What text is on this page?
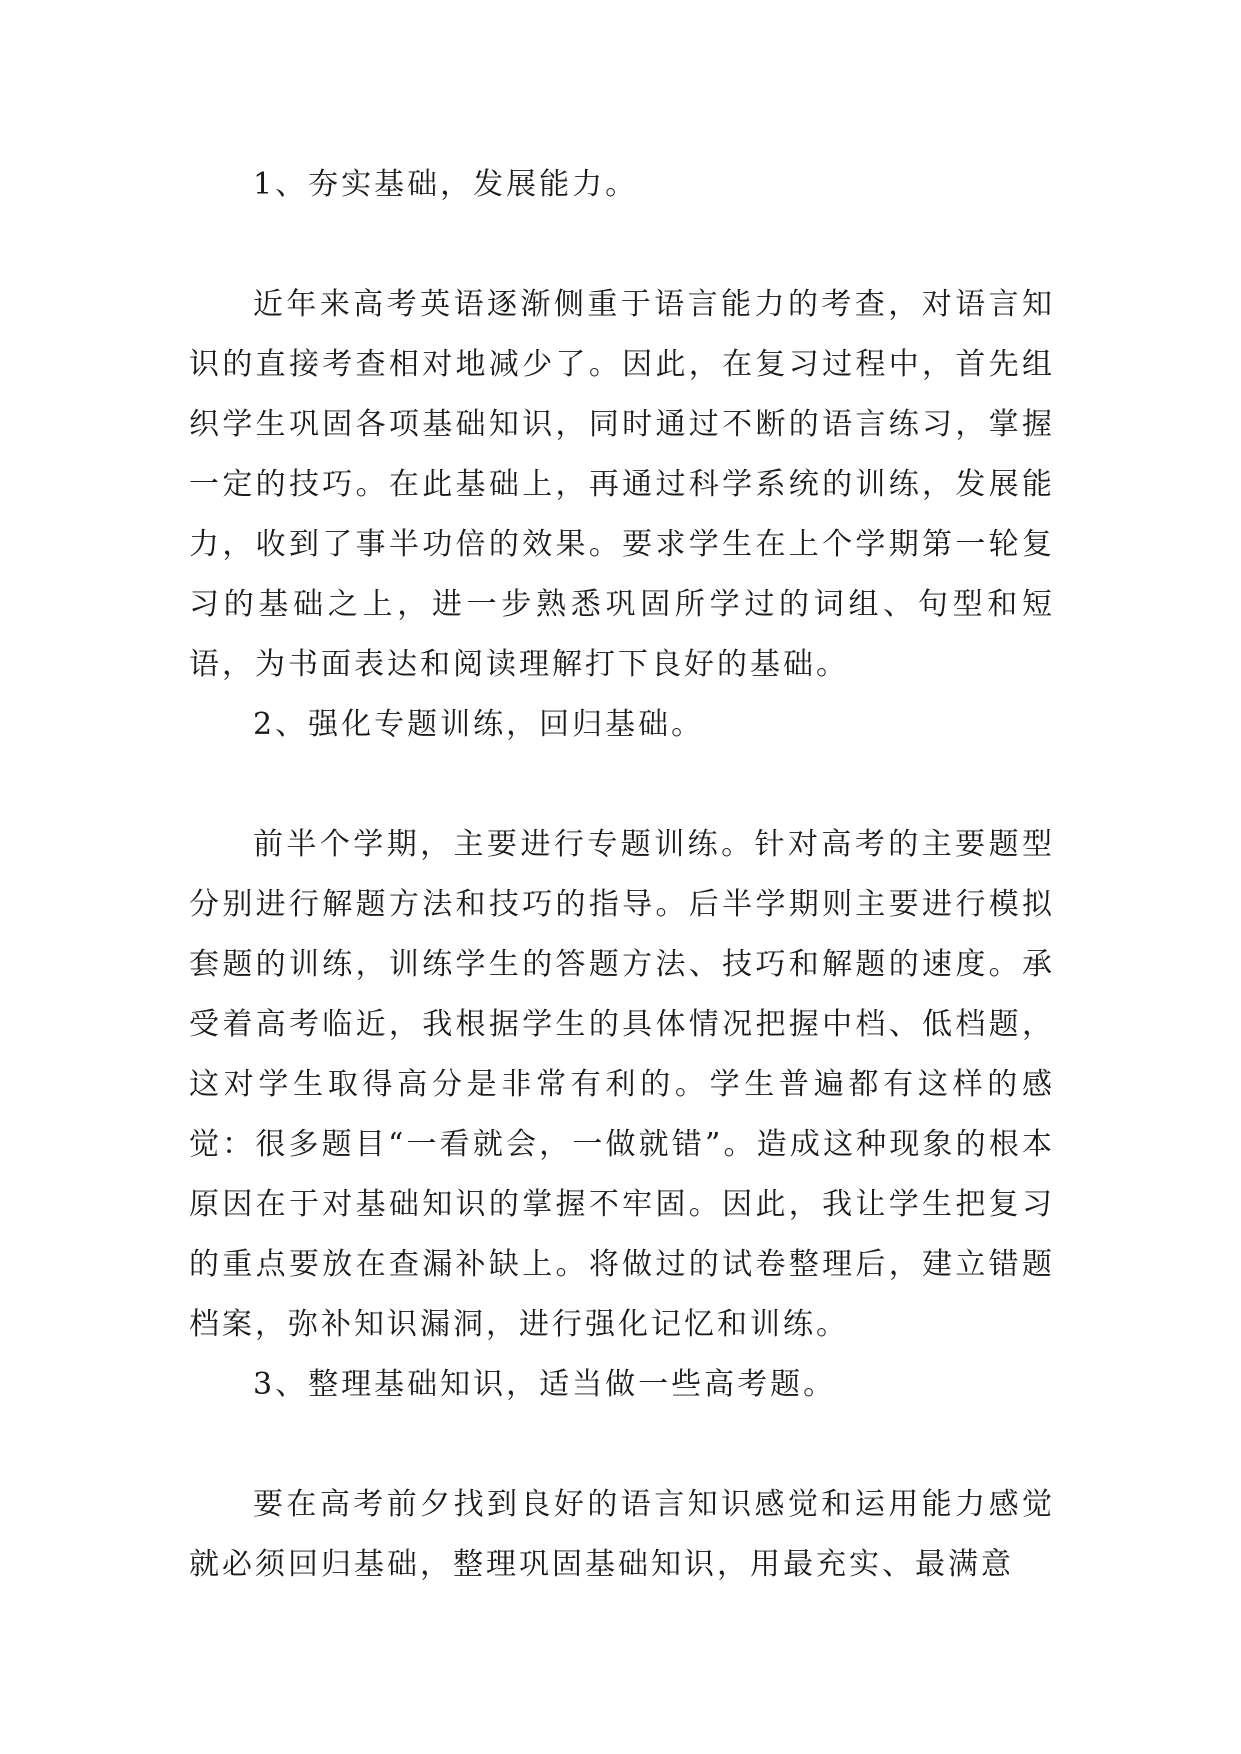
1、夯实基础，发展能力。

近年来高考英语逐渐侧重于语言能力的考查，对语言知识的直接考查相对地减少了。因此，在复习过程中，首先组织学生巩固各项基础知识，同时通过不断的语言练习，掌握一定的技巧。在此基础上，再通过科学系统的训练，发展能力，收到了事半功倍的效果。要求学生在上个学期第一轮复习的基础之上，进一步熟悉巩固所学过的词组、句型和短语，为书面表达和阅读理解打下良好的基础。

2、强化专题训练，回归基础。

前半个学期，主要进行专题训练。针对高考的主要题型分别进行解题方法和技巧的指导。后半学期则主要进行模拟套题的训练，训练学生的答题方法、技巧和解题的速度。承受着高考临近，我根据学生的具体情况把握中档、低档题，这对学生取得高分是非常有利的。学生普遍都有这样的感觉：很多题目“一看就会，一做就错”。造成这种现象的根本原因在于对基础知识的掌握不牢固。因此，我让学生把复习的重点要放在查漏补缺上。将做过的试卷整理后，建立错题档案，弥补知识漏洞，进行强化记忆和训练。

3、整理基础知识，适当做一些高考题。

要在高考前夕找到良好的语言知识感觉和运用能力感觉就必须回归基础，整理巩固基础知识，用最充实、最满意
